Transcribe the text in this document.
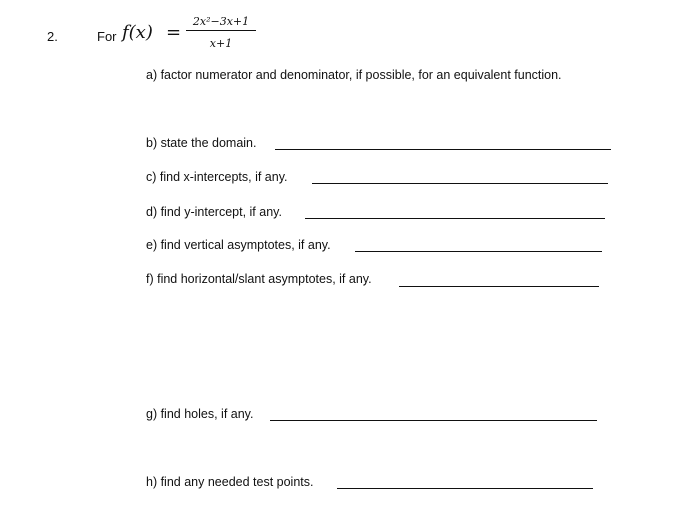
2.	For $f(x) = \frac{\text{2x²−3x+1}}{x+1}$
a) factor numerator and denominator, if possible, for an equivalent function.
b) state the domain.
c) find x-intercepts, if any.
d) find y-intercept, if any.
e) find vertical asymptotes, if any.
f) find horizontal/slant asymptotes, if any.
g) find holes, if any.
h) find any needed test points.
